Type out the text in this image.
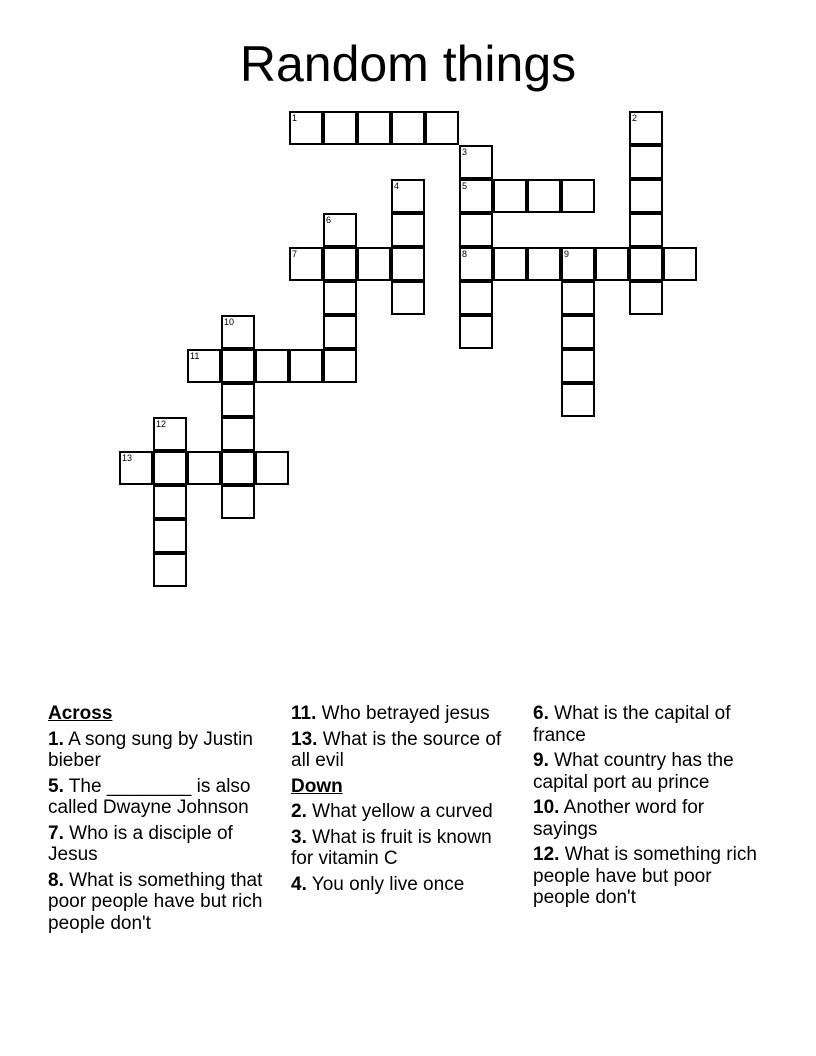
Random things
1	2
3
5
8
4
6
7	9
10
11
12
13
Across
1. A song sung by Justin bieber
5. The ________ is also called Dwayne Johnson
7. Who is a disciple of Jesus
8. What is something that poor people have but rich people don't
11. Who betrayed jesus
13. What is the source of all evil
Down
2. What yellow a curved
3. What is fruit is known for vitamin C
4. You only live once
6. What is the capital of france
9. What country has the capital port au prince
10. Another word for sayings
12. What is something rich people have but poor people don't
